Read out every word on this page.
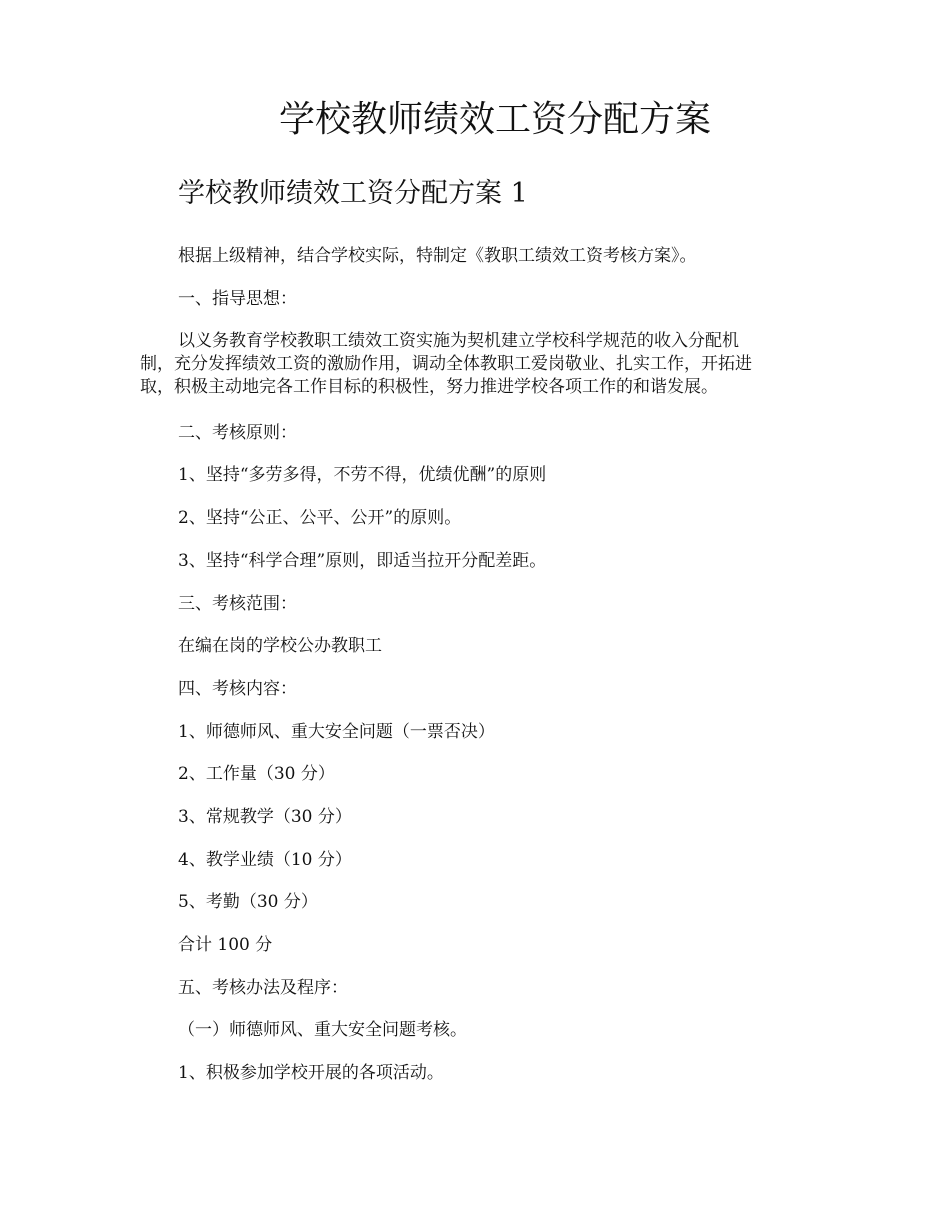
学校教师绩效工资分配方案
学校教师绩效工资分配方案 1

根据上级精神，结合学校实际，特制定《教职工绩效工资考核方案》。

一、指导思想：

以义务教育学校教职工绩效工资实施为契机建立学校科学规范的收入分配机
制，充分发挥绩效工资的激励作用，调动全体教职工爱岗敬业、扎实工作，开拓进
取，积极主动地完各工作目标的积极性，努力推进学校各项工作的和谐发展。

二、考核原则：

1、坚持“多劳多得，不劳不得，优绩优酬”的原则

2、坚持“公正、公平、公开”的原则。

3、坚持“科学合理”原则，即适当拉开分配差距。

三、考核范围：

在编在岗的学校公办教职工

四、考核内容：

1、师德师风、重大安全问题（一票否决）

2、工作量（30 分）

3、常规教学（30 分）

4、教学业绩（10 分）

5、考勤（30 分）

合计 100 分

五、考核办法及程序：

（一）师德师风、重大安全问题考核。

1、积极参加学校开展的各项活动。
